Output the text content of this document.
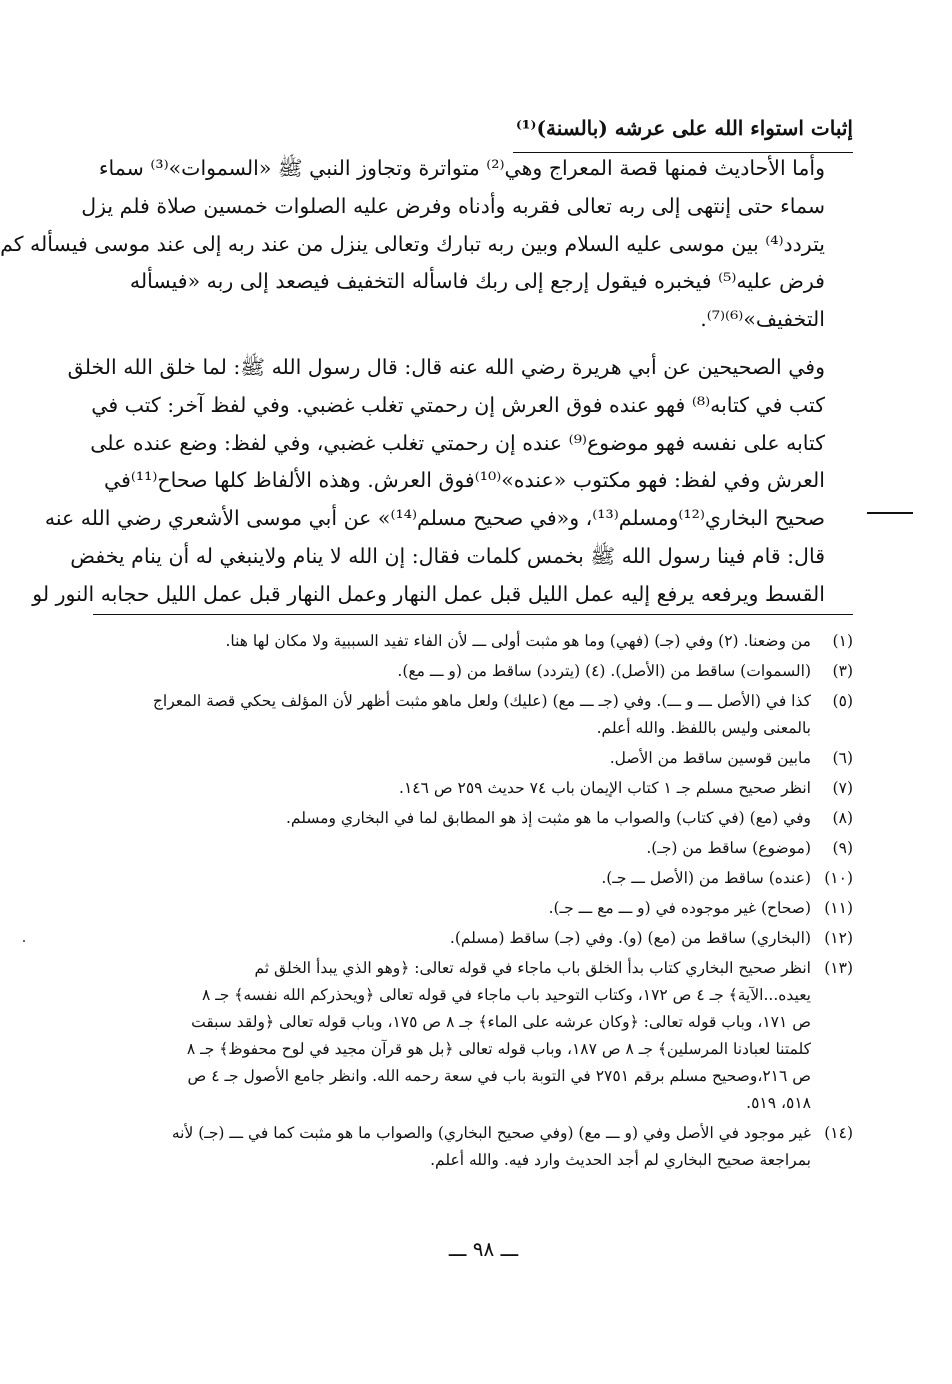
إثبات استواء الله على عرشه (بالسنة)⁽¹⁾

وأما الأحاديث فمنها قصة المعراج وهي⁽²⁾ متواترة وتجاوز النبي ﷺ «السموات»⁽³⁾ سماء
سماء حتى إنتهى إلى ربه تعالى فقربه وأدناه وفرض عليه الصلوات خمسين صلاة فلم يزل
يتردد⁽⁴⁾ بين موسى عليه السلام وبين ربه تبارك وتعالى ينزل من عند ربه إلى عند موسى فيسأله كم
فرض عليه⁽⁵⁾ فيخبره فيقول إرجع إلى ربك فاسأله التخفيف فيصعد إلى ربه «فيسأله
التخفيف»⁽⁶⁾⁽⁷⁾.

وفي الصحيحين عن أبي هريرة رضي الله عنه قال: قال رسول الله ﷺ: لما خلق الله الخلق
كتب في كتابه⁽⁸⁾ فهو عنده فوق العرش إن رحمتي تغلب غضبي. وفي لفظ آخر: كتب في
كتابه على نفسه فهو موضوع⁽⁹⁾ عنده إن رحمتي تغلب غضبي، وفي لفظ: وضع عنده على
العرش وفي لفظ: فهو مكتوب «عنده»⁽¹⁰⁾فوق العرش. وهذه الألفاظ كلها صحاح⁽¹¹⁾في
صحيح البخاري⁽¹²⁾ومسلم⁽¹³⁾، و«في صحيح مسلم⁽¹⁴⁾» عن أبي موسى الأشعري رضي الله عنه
قال: قام فينا رسول الله ﷺ بخمس كلمات فقال: إن الله لا ينام ولاينبغي له أن ينام يخفض
القسط ويرفعه يرفع إليه عمل الليل قبل عمل النهار وعمل النهار قبل عمل الليل حجابه النور لو

(١)
من وضعنا. (٢) وفي (جـ) (فهي) وما هو مثبت أولى ـــ لأن الفاء تفيد السببية ولا مكان لها هنا.
(٣)
(السموات) ساقط من (الأصل). (٤) (يتردد) ساقط من (و ـــ مع).
(٥)
كذا في (الأصل ـــ و ـــ). وفي (جـ ـــ مع) (عليك) ولعل ماهو مثبت أظهر لأن المؤلف يحكي قصة المعراج
بالمعنى وليس باللفظ. والله أعلم.
(٦)
مابين قوسين ساقط من الأصل.
(٧)
انظر صحيح مسلم جـ ١ كتاب الإيمان باب ٧٤ حديث ٢٥٩ ص ١٤٦.
(٨)
وفي (مع) (في كتاب) والصواب ما هو مثبت إذ هو المطابق لما في البخاري ومسلم.
(٩)
(موضوع) ساقط من (جـ).
(١٠)
(عنده) ساقط من (الأصل ـــ جـ).
(١١)
(صحاح) غير موجوده في (و ـــ مع ـــ جـ).
(١٢)
(البخاري) ساقط من (مع) (و). وفي (جـ) ساقط (مسلم).
(١٣)
انظر صحيح البخاري كتاب بدأ الخلق باب ماجاء في قوله تعالى: ﴿وهو الذي يبدأ الخلق ثم
يعيده...الآية﴾ جـ ٤ ص ١٧٢، وكتاب التوحيد باب ماجاء في قوله تعالى ﴿ويحذركم الله نفسه﴾ جـ ٨
ص ١٧١، وباب قوله تعالى: ﴿وكان عرشه على الماء﴾ جـ ٨ ص ١٧٥، وباب قوله تعالى ﴿ولقد سبقت
كلمتنا لعبادنا المرسلين﴾ جـ ٨ ص ١٨٧، وباب قوله تعالى ﴿بل هو قرآن مجيد في لوح محفوظ﴾ جـ ٨
ص ٢١٦،وصحيح مسلم برقم ٢٧٥١ في التوبة باب في سعة رحمه الله. وانظر جامع الأصول جـ ٤ ص
٥١٨، ٥١٩.
(١٤)
غير موجود في الأصل وفي (و ـــ مع) (وفي صحيح البخاري) والصواب ما هو مثبت كما في ـــ (جـ) لأنه
بمراجعة صحيح البخاري لم أجد الحديث وارد فيه. والله أعلم.
ـــ ٩٨ ـــ
